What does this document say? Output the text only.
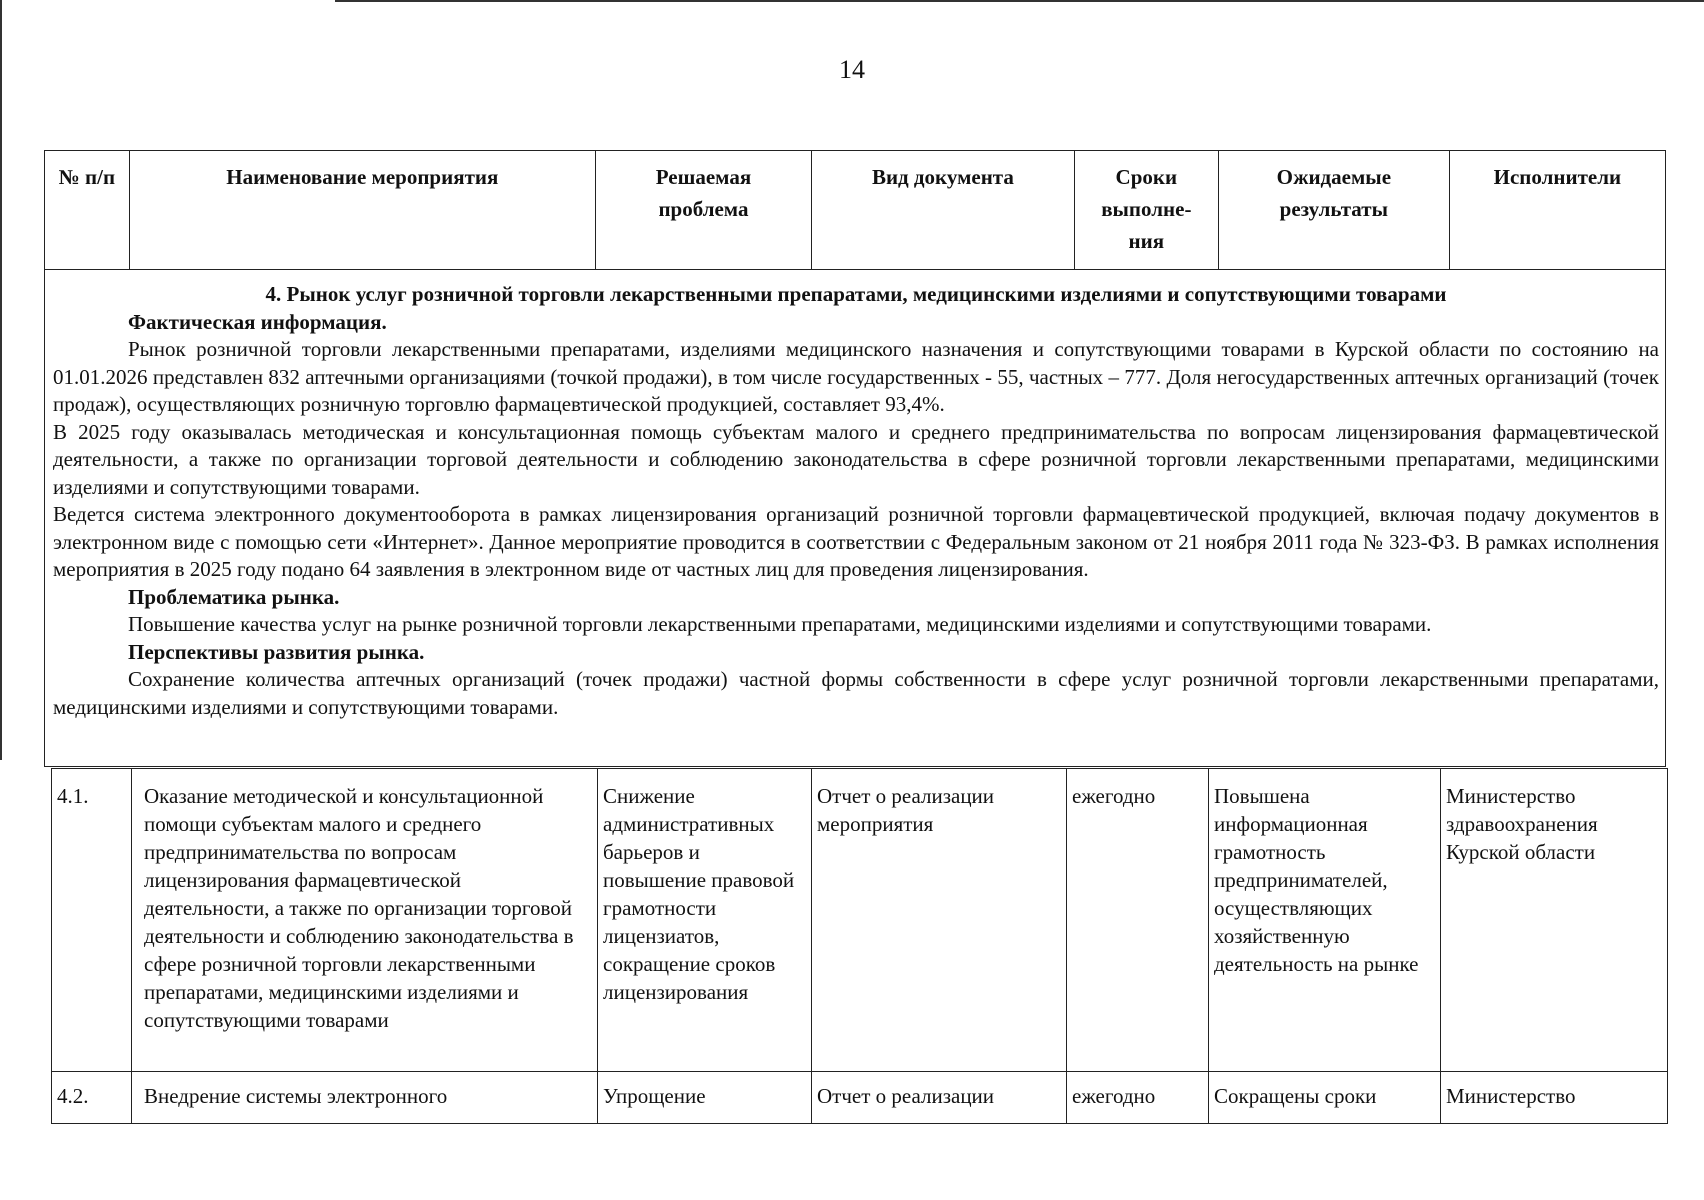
14
№ п/п	Наименование мероприятия	Решаемая проблема	Вид документа	Сроки выполне-ния	Ожидаемые результаты	Исполнители

4. Рынок услуг розничной торговли лекарственными препаратами, медицинскими изделиями и сопутствующими товарами

Фактическая информация.

Рынок розничной торговли лекарственными препаратами, изделиями медицинского назначения и сопутствующими товарами в Курской области по состоянию на 01.01.2026 представлен 832 аптечными организациями (точкой продажи), в том числе государственных - 55, частных – 777. Доля негосударственных аптечных организаций (точек продаж), осуществляющих розничную торговлю фармацевтической продукцией, составляет 93,4%.

В 2025 году оказывалась методическая и консультационная помощь субъектам малого и среднего предпринимательства по вопросам лицензирования фармацевтической деятельности, а также по организации торговой деятельности и соблюдению законодательства в сфере розничной торговли лекарственными препаратами, медицинскими изделиями и сопутствующими товарами.

Ведется система электронного документооборота в рамках лицензирования организаций розничной торговли фармацевтической продукцией, включая подачу документов в электронном виде с помощью сети «Интернет». Данное мероприятие проводится в соответствии с Федеральным законом от 21 ноября 2011 года № 323-ФЗ. В рамках исполнения мероприятия в 2025 году подано 64 заявления в электронном виде от частных лиц для проведения лицензирования.

Проблематика рынка.

Повышение качества услуг на рынке розничной торговли лекарственными препаратами, медицинскими изделиями и сопутствующими товарами.

Перспективы развития рынка.

Сохранение количества аптечных организаций (точек продажи) частной формы собственности в сфере услуг розничной торговли лекарственными препаратами, медицинскими изделиями и сопутствующими товарами.

4.1.	Оказание методической и консультационной помощи субъектам малого и среднего предпринимательства по вопросам лицензирования фармацевтической деятельности, а также по организации торговой деятельности и соблюдению законодательства в сфере розничной торговли лекарственными препаратами, медицинскими изделиями и сопутствующими товарами	Снижение административных барьеров и повышение правовой грамотности лицензиатов, сокращение сроков лицензирования	Отчет о реализации мероприятия	ежегодно	Повышена информационная грамотность предпринимателей, осуществляющих хозяйственную деятельность на рынке	Министерство здравоохранения Курской области
4.2.	Внедрение системы электронного	Упрощение	Отчет о реализации	ежегодно	Сокращены сроки	Министерство
